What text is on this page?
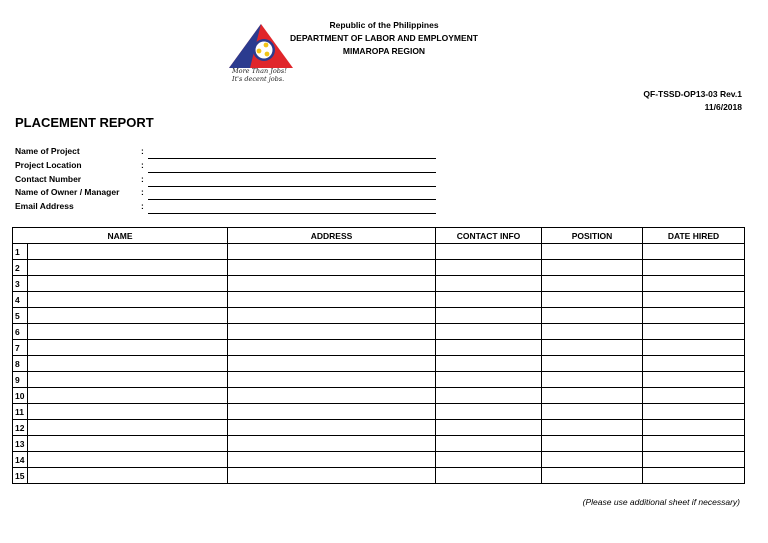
More Than Jobs!
It's decent jobs.
Republic of the Philippines
DEPARTMENT OF LABOR AND EMPLOYMENT
MIMAROPA REGION
QF-TSSD-OP13-03 Rev.1
11/6/2018
PLACEMENT REPORT
Name of Project	:
Project Location	:
Contact Number	:
Name of Owner / Manager	:
Email Address	:
NAME		ADDRESS	CONTACT INFO	POSITION	DATE HIRED
1					
2					
3					
4					
5					
6					
7					
8					
9					
10					
11					
12					
13					
14					
15					
(Please use additional sheet if necessary)
